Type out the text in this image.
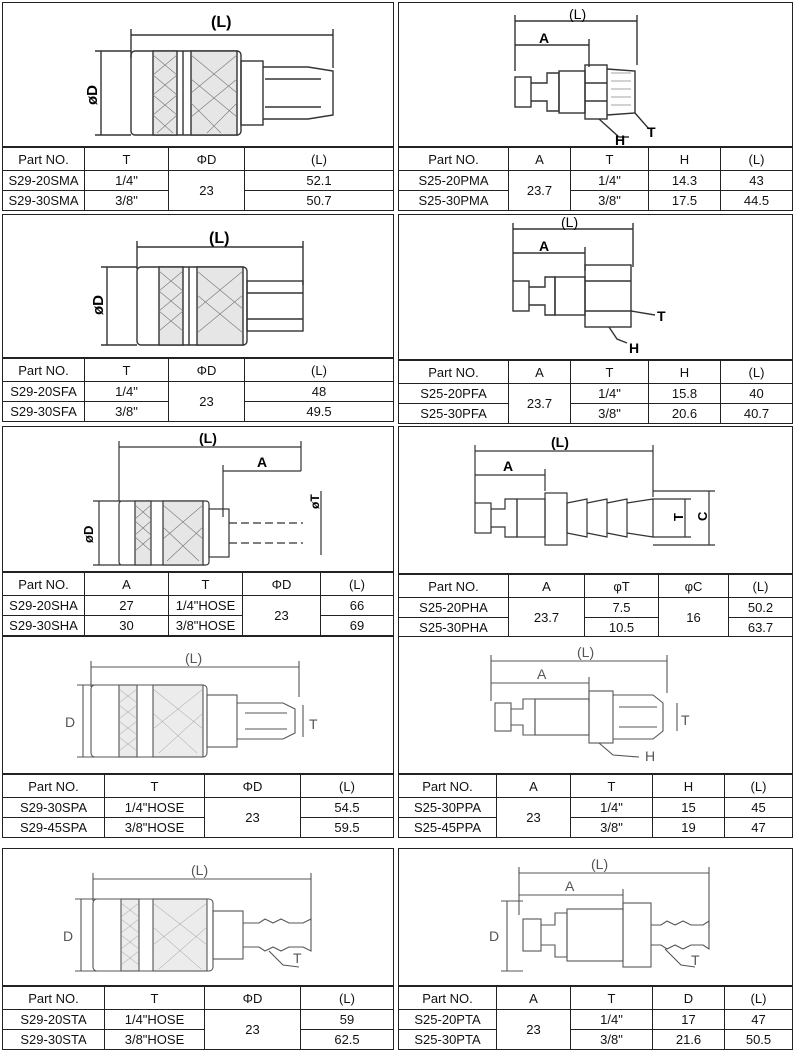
(L)
øD
Part NO.	T	ΦD	(L)
S29-20SMA	1/4"	23	52.1
S29-30SMA	3/8"		50.7
(L)
A
T
H
Part NO.	A	T	H	(L)
S25-20PMA	23.7	1/4"	14.3	43
S25-30PMA		3/8"	17.5	44.5
(L)
øD
Part NO.	T	ΦD	(L)
S29-20SFA	1/4"	23	48
S29-30SFA	3/8"		49.5
(L)
A
T
H
Part NO.	A	T	H	(L)
S25-20PFA	23.7	1/4"	15.8	40
S25-30PFA		3/8"	20.6	40.7
(L)
A
øD
øT
Part NO.	A	T	ΦD	(L)
S29-20SHA	27	1/4"HOSE	23	66
S29-30SHA	30	3/8"HOSE		69
(L)
A
T C
Part NO.	A	φT	φC	(L)
S25-20PHA	23.7	7.5	16	50.2
S25-30PHA		10.5		63.7
(L)
D	T
Part NO.	T	ΦD	(L)
S29-30SPA	1/4"HOSE	23	54.5
S29-45SPA	3/8"HOSE		59.5
(L)
A
T
H
Part NO.	A	T	H	(L)
S25-30PPA	23	1/4"	15	45
S25-45PPA		3/8"	19	47
(L)
D
T
Part NO.	T	ΦD	(L)
S29-20STA	1/4"HOSE	23	59
S29-30STA	3/8"HOSE		62.5
(L)
A
D
T
Part NO.	A	T	D	(L)
S25-20PTA	23	1/4"	17	47
S25-30PTA		3/8"	21.6	50.5
